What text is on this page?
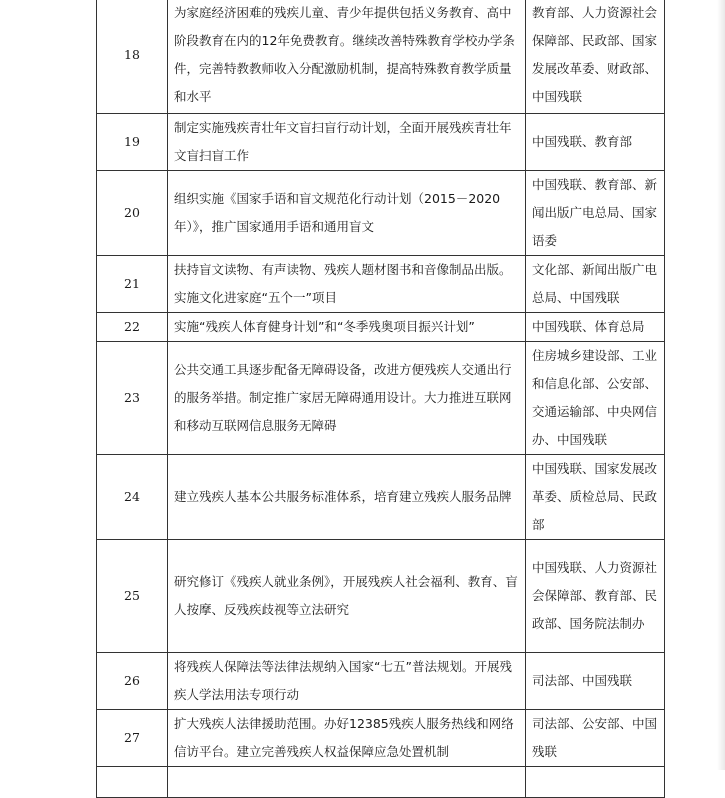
18	为家庭经济困难的残疾儿童、青少年提供包括义务教育、高中阶段教育在内的12年免费教育。继续改善特殊教育学校办学条件，完善特教教师收入分配激励机制，提高特殊教育教学质量和水平	教育部、人力资源社会保障部、民政部、国家发展改革委、财政部、中国残联
19	制定实施残疾青壮年文盲扫盲行动计划，全面开展残疾青壮年文盲扫盲工作	中国残联、教育部
20	组织实施《国家手语和盲文规范化行动计划（2015－2020年）》，推广国家通用手语和通用盲文	中国残联、教育部、新闻出版广电总局、国家语委
21	扶持盲文读物、有声读物、残疾人题材图书和音像制品出版。实施文化进家庭“五个一”项目	文化部、新闻出版广电总局、中国残联
22	实施“残疾人体育健身计划”和“冬季残奥项目振兴计划”	中国残联、体育总局
23	公共交通工具逐步配备无障碍设备，改进方便残疾人交通出行的服务举措。制定推广家居无障碍通用设计。大力推进互联网和移动互联网信息服务无障碍	住房城乡建设部、工业和信息化部、公安部、交通运输部、中央网信办、中国残联
24	建立残疾人基本公共服务标准体系，培育建立残疾人服务品牌	中国残联、国家发展改革委、质检总局、民政部
25	研究修订《残疾人就业条例》，开展残疾人社会福利、教育、盲人按摩、反残疾歧视等立法研究	中国残联、人力资源社会保障部、教育部、民政部、国务院法制办
26	将残疾人保障法等法律法规纳入国家“七五”普法规划。开展残疾人学法用法专项行动	司法部、中国残联
27	扩大残疾人法律援助范围。办好12385残疾人服务热线和网络信访平台。建立完善残疾人权益保障应急处置机制	司法部、公安部、中国残联
